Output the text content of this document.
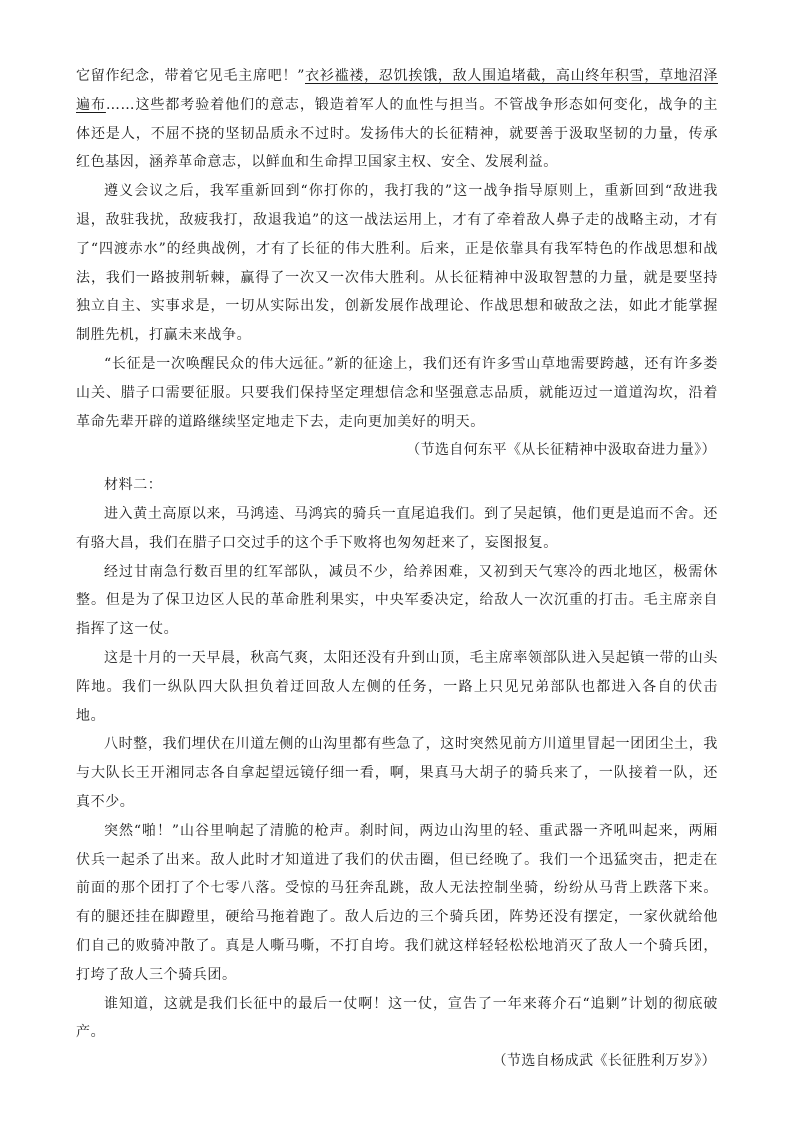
它留作纪念，带着它见毛主席吧！”衣衫褴褛，忍饥挨饿，敌人围追堵截，高山终年积雪，草地沼泽遍布……这些都考验着他们的意志，锻造着军人的血性与担当。不管战争形态如何变化，战争的主体还是人，不屈不挠的坚韧品质永不过时。发扬伟大的长征精神，就要善于汲取坚韧的力量，传承红色基因，涵养革命意志，以鲜血和生命捍卫国家主权、安全、发展利益。

遵义会议之后，我军重新回到“你打你的，我打我的”这一战争指导原则上，重新回到“敌进我退，敌驻我扰，敌疲我打，敌退我追”的这一战法运用上，才有了牵着敌人鼻子走的战略主动，才有了“四渡赤水”的经典战例，才有了长征的伟大胜利。后来，正是依靠具有我军特色的作战思想和战法，我们一路披荆斩棘，赢得了一次又一次伟大胜利。从长征精神中汲取智慧的力量，就是要坚持独立自主、实事求是，一切从实际出发，创新发展作战理论、作战思想和破敌之法，如此才能掌握制胜先机，打赢未来战争。

“长征是一次唤醒民众的伟大远征。”新的征途上，我们还有许多雪山草地需要跨越，还有许多娄山关、腊子口需要征服。只要我们保持坚定理想信念和坚强意志品质，就能迈过一道道沟坎，沿着革命先辈开辟的道路继续坚定地走下去，走向更加美好的明天。

（节选自何东平《从长征精神中汲取奋进力量》）

材料二：

进入黄土高原以来，马鸿逵、马鸿宾的骑兵一直尾追我们。到了吴起镇，他们更是追而不舍。还有骆大昌，我们在腊子口交过手的这个手下败将也匆匆赶来了，妄图报复。

经过甘南急行数百里的红军部队，减员不少，给养困难，又初到天气寒冷的西北地区，极需休整。但是为了保卫边区人民的革命胜利果实，中央军委决定，给敌人一次沉重的打击。毛主席亲自指挥了这一仗。

这是十月的一天早晨，秋高气爽，太阳还没有升到山顶，毛主席率领部队进入吴起镇一带的山头阵地。我们一纵队四大队担负着迂回敌人左侧的任务，一路上只见兄弟部队也都进入各自的伏击地。

八时整，我们埋伏在川道左侧的山沟里都有些急了，这时突然见前方川道里冒起一团团尘土，我与大队长王开湘同志各自拿起望远镜仔细一看，啊，果真马大胡子的骑兵来了，一队接着一队，还真不少。

突然“啪！”山谷里响起了清脆的枪声。刹时间，两边山沟里的轻、重武器一齐吼叫起来，两厢伏兵一起杀了出来。敌人此时才知道进了我们的伏击圈，但已经晚了。我们一个迅猛突击，把走在前面的那个团打了个七零八落。受惊的马狂奔乱跳，敌人无法控制坐骑，纷纷从马背上跌落下来。有的腿还挂在脚蹬里，硬给马拖着跑了。敌人后边的三个骑兵团，阵势还没有摆定，一家伙就给他们自己的败骑冲散了。真是人嘶马嘶，不打自垮。我们就这样轻轻松松地消灭了敌人一个骑兵团，打垮了敌人三个骑兵团。

谁知道，这就是我们长征中的最后一仗啊！这一仗，宣告了一年来蒋介石“追剿”计划的彻底破产。

（节选自杨成武《长征胜利万岁》）
